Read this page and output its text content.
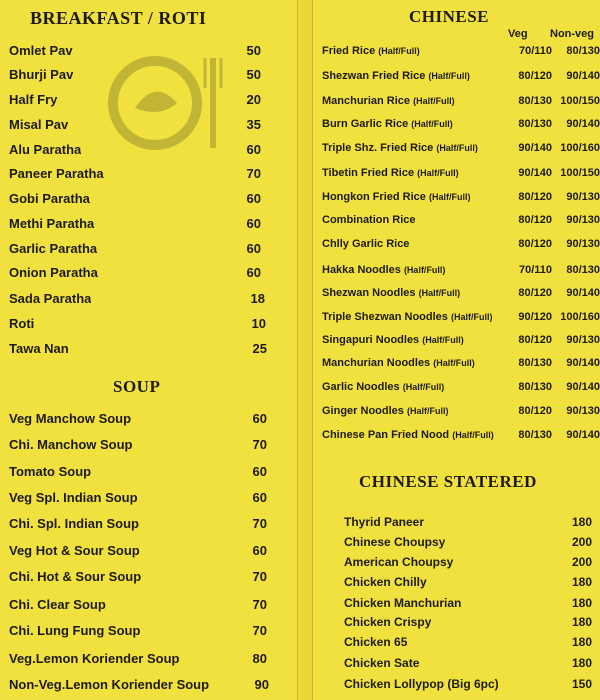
BREAKFAST / ROTI
Omlet Pav	50
Bhurji Pav	50
Half Fry	20
Misal Pav	35
Alu Paratha	60
Paneer Paratha	70
Gobi Paratha	60
Methi Paratha	60
Garlic Paratha	60
Onion Paratha	60
Sada Paratha	18
Roti	10
Tawa Nan	25
SOUP
Veg Manchow Soup	60
Chi. Manchow Soup	70
Tomato Soup	60
Veg Spl. Indian Soup	60
Chi. Spl. Indian Soup	70
Veg Hot & Sour Soup	60
Chi. Hot & Sour Soup	70
Chi. Clear Soup	70
Chi. Lung Fung Soup	70
Veg.Lemon Koriender Soup	80
Non-Veg.Lemon Koriender Soup	90
CHINESE
Veg Non-veg
Fried Rice (Half/Full)	70/110	80/130
Shezwan Fried Rice (Half/Full)	80/120	90/140
Manchurian Rice (Half/Full)	80/130 100/150
Burn Garlic Rice (Half/Full)	80/130	90/140
Triple Shz. Fried Rice (Half/Full)	90/140 100/160
Tibetin Fried Rice (Half/Full)	90/140 100/150
Hongkon Fried Rice (Half/Full)	80/120	90/130
Combination Rice	80/120	90/130
Chlly Garlic Rice	80/120	90/130
Hakka Noodles (Half/Full)	70/110	80/130
Shezwan Noodles (Half/Full)	80/120	90/140
Triple Shezwan Noodles (Half/Full)	90/120 100/160
Singapuri Noodles (Half/Full)	80/120	90/130
Manchurian Noodles (Half/Full)	80/130	90/140
Garlic Noodles (Half/Full)	80/130	90/140
Ginger Noodles (Half/Full)	80/120	90/130
Chinese Pan Fried Nood (Half/Full)	80/130	90/140
CHINESE STATERED
Thyrid Paneer	180
Chinese Choupsy	200
American Choupsy	200
Chicken Chilly	180
Chicken Manchurian	180
Chicken Crispy	180
Chicken 65	180
Chicken Sate	180
Chicken Lollypop (Big 6pc)	150
